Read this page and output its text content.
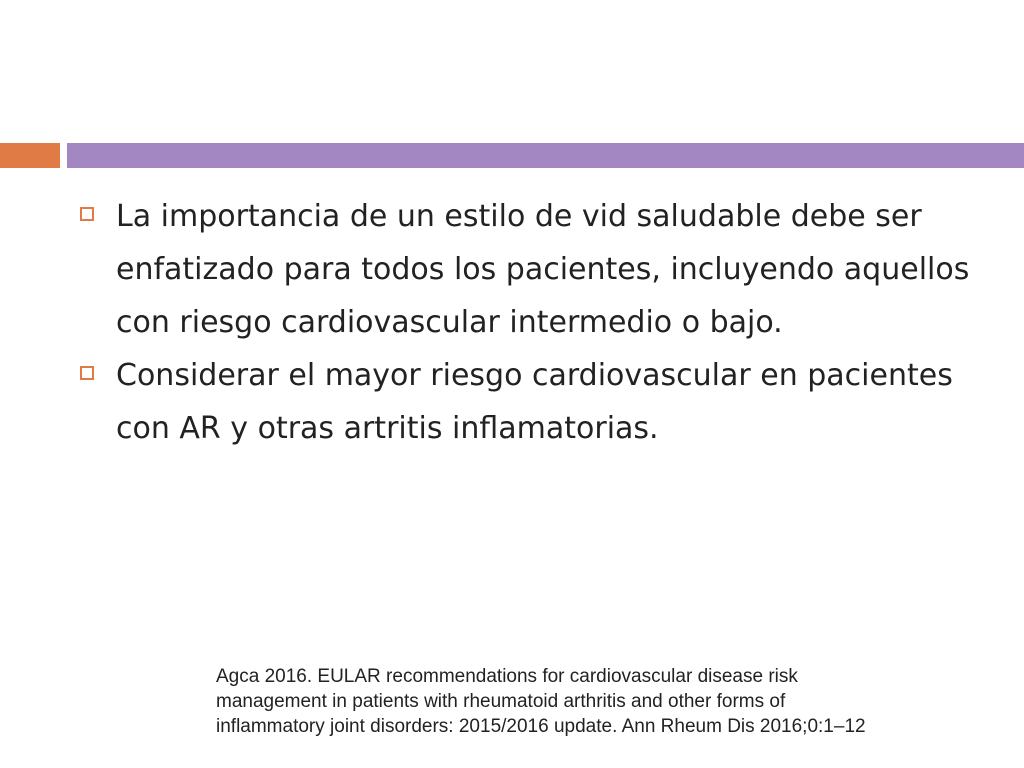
La importancia de un estilo de vid saludable debe ser enfatizado para todos los pacientes, incluyendo aquellos con riesgo cardiovascular intermedio o bajo.
Considerar el mayor riesgo cardiovascular en pacientes con AR y otras artritis inflamatorias.
Agca 2016. EULAR recommendations for cardiovascular disease risk
management in patients with rheumatoid arthritis and other forms of
inflammatory joint disorders: 2015/2016 update. Ann Rheum Dis 2016;0:1–12
